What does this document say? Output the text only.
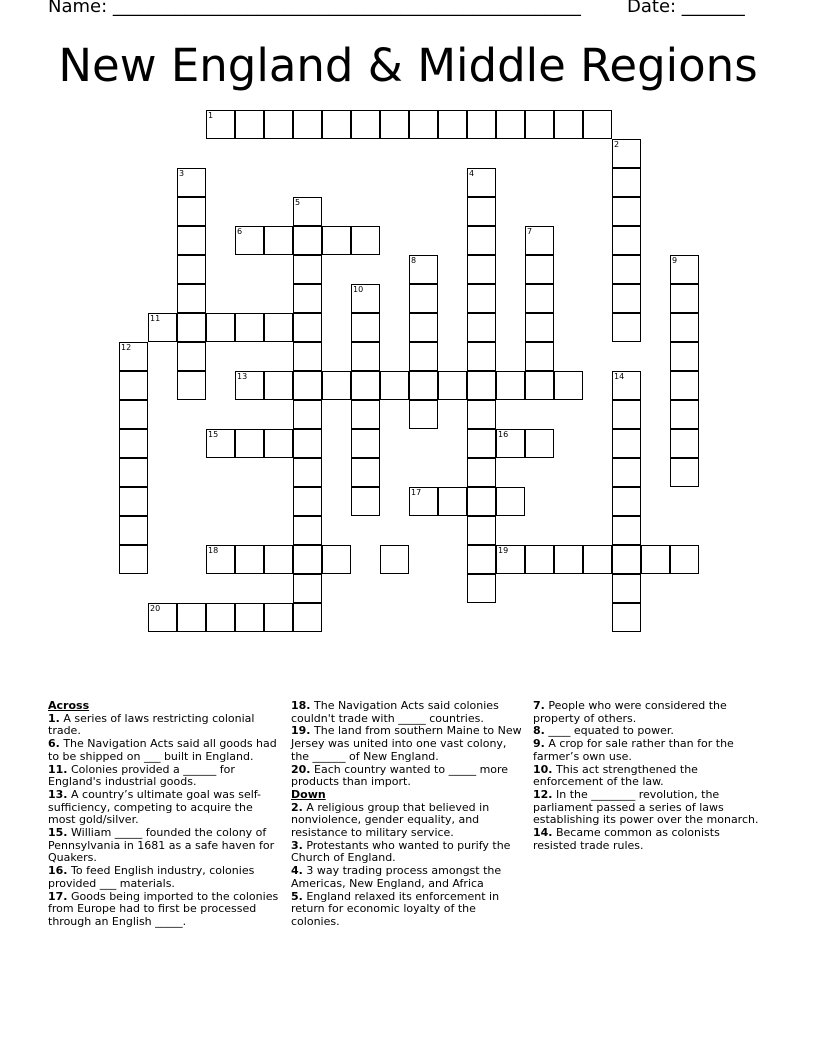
Name: ____________________________________________________	Date: _______
New England & Middle Regions
1
2
3	4
5
6	7
8	9
10
11
12
13	14
15	16
17
18	19
20
Across
1. A series of laws restricting colonial trade.
6. The Navigation Acts said all goods had to be shipped on ___ built in England.
11. Colonies provided a ______ for England's industrial goods.
13. A country’s ultimate goal was self-sufficiency, competing to acquire the most gold/silver.
15. William _____ founded the colony of Pennsylvania in 1681 as a safe haven for Quakers.
16. To feed English industry, colonies provided ___ materials.
17. Goods being imported to the colonies from Europe had to first be processed through an English _____.
18. The Navigation Acts said colonies couldn't trade with _____ countries.
19. The land from southern Maine to New Jersey was united into one vast colony, the ______ of New England.
20. Each country wanted to _____ more products than import.
Down
2. A religious group that believed in nonviolence, gender equality, and resistance to military service.
3. Protestants who wanted to purify the Church of England.
4. 3 way trading process amongst the Americas, New England, and Africa
5. England relaxed its enforcement in return for economic loyalty of the colonies.
7. People who were considered the property of others.
8. ____ equated to power.
9. A crop for sale rather than for the farmer’s own use.
10. This act strengthened the enforcement of the law.
12. In the ________ revolution, the parliament passed a series of laws establishing its power over the monarch.
14. Became common as colonists resisted trade rules.
